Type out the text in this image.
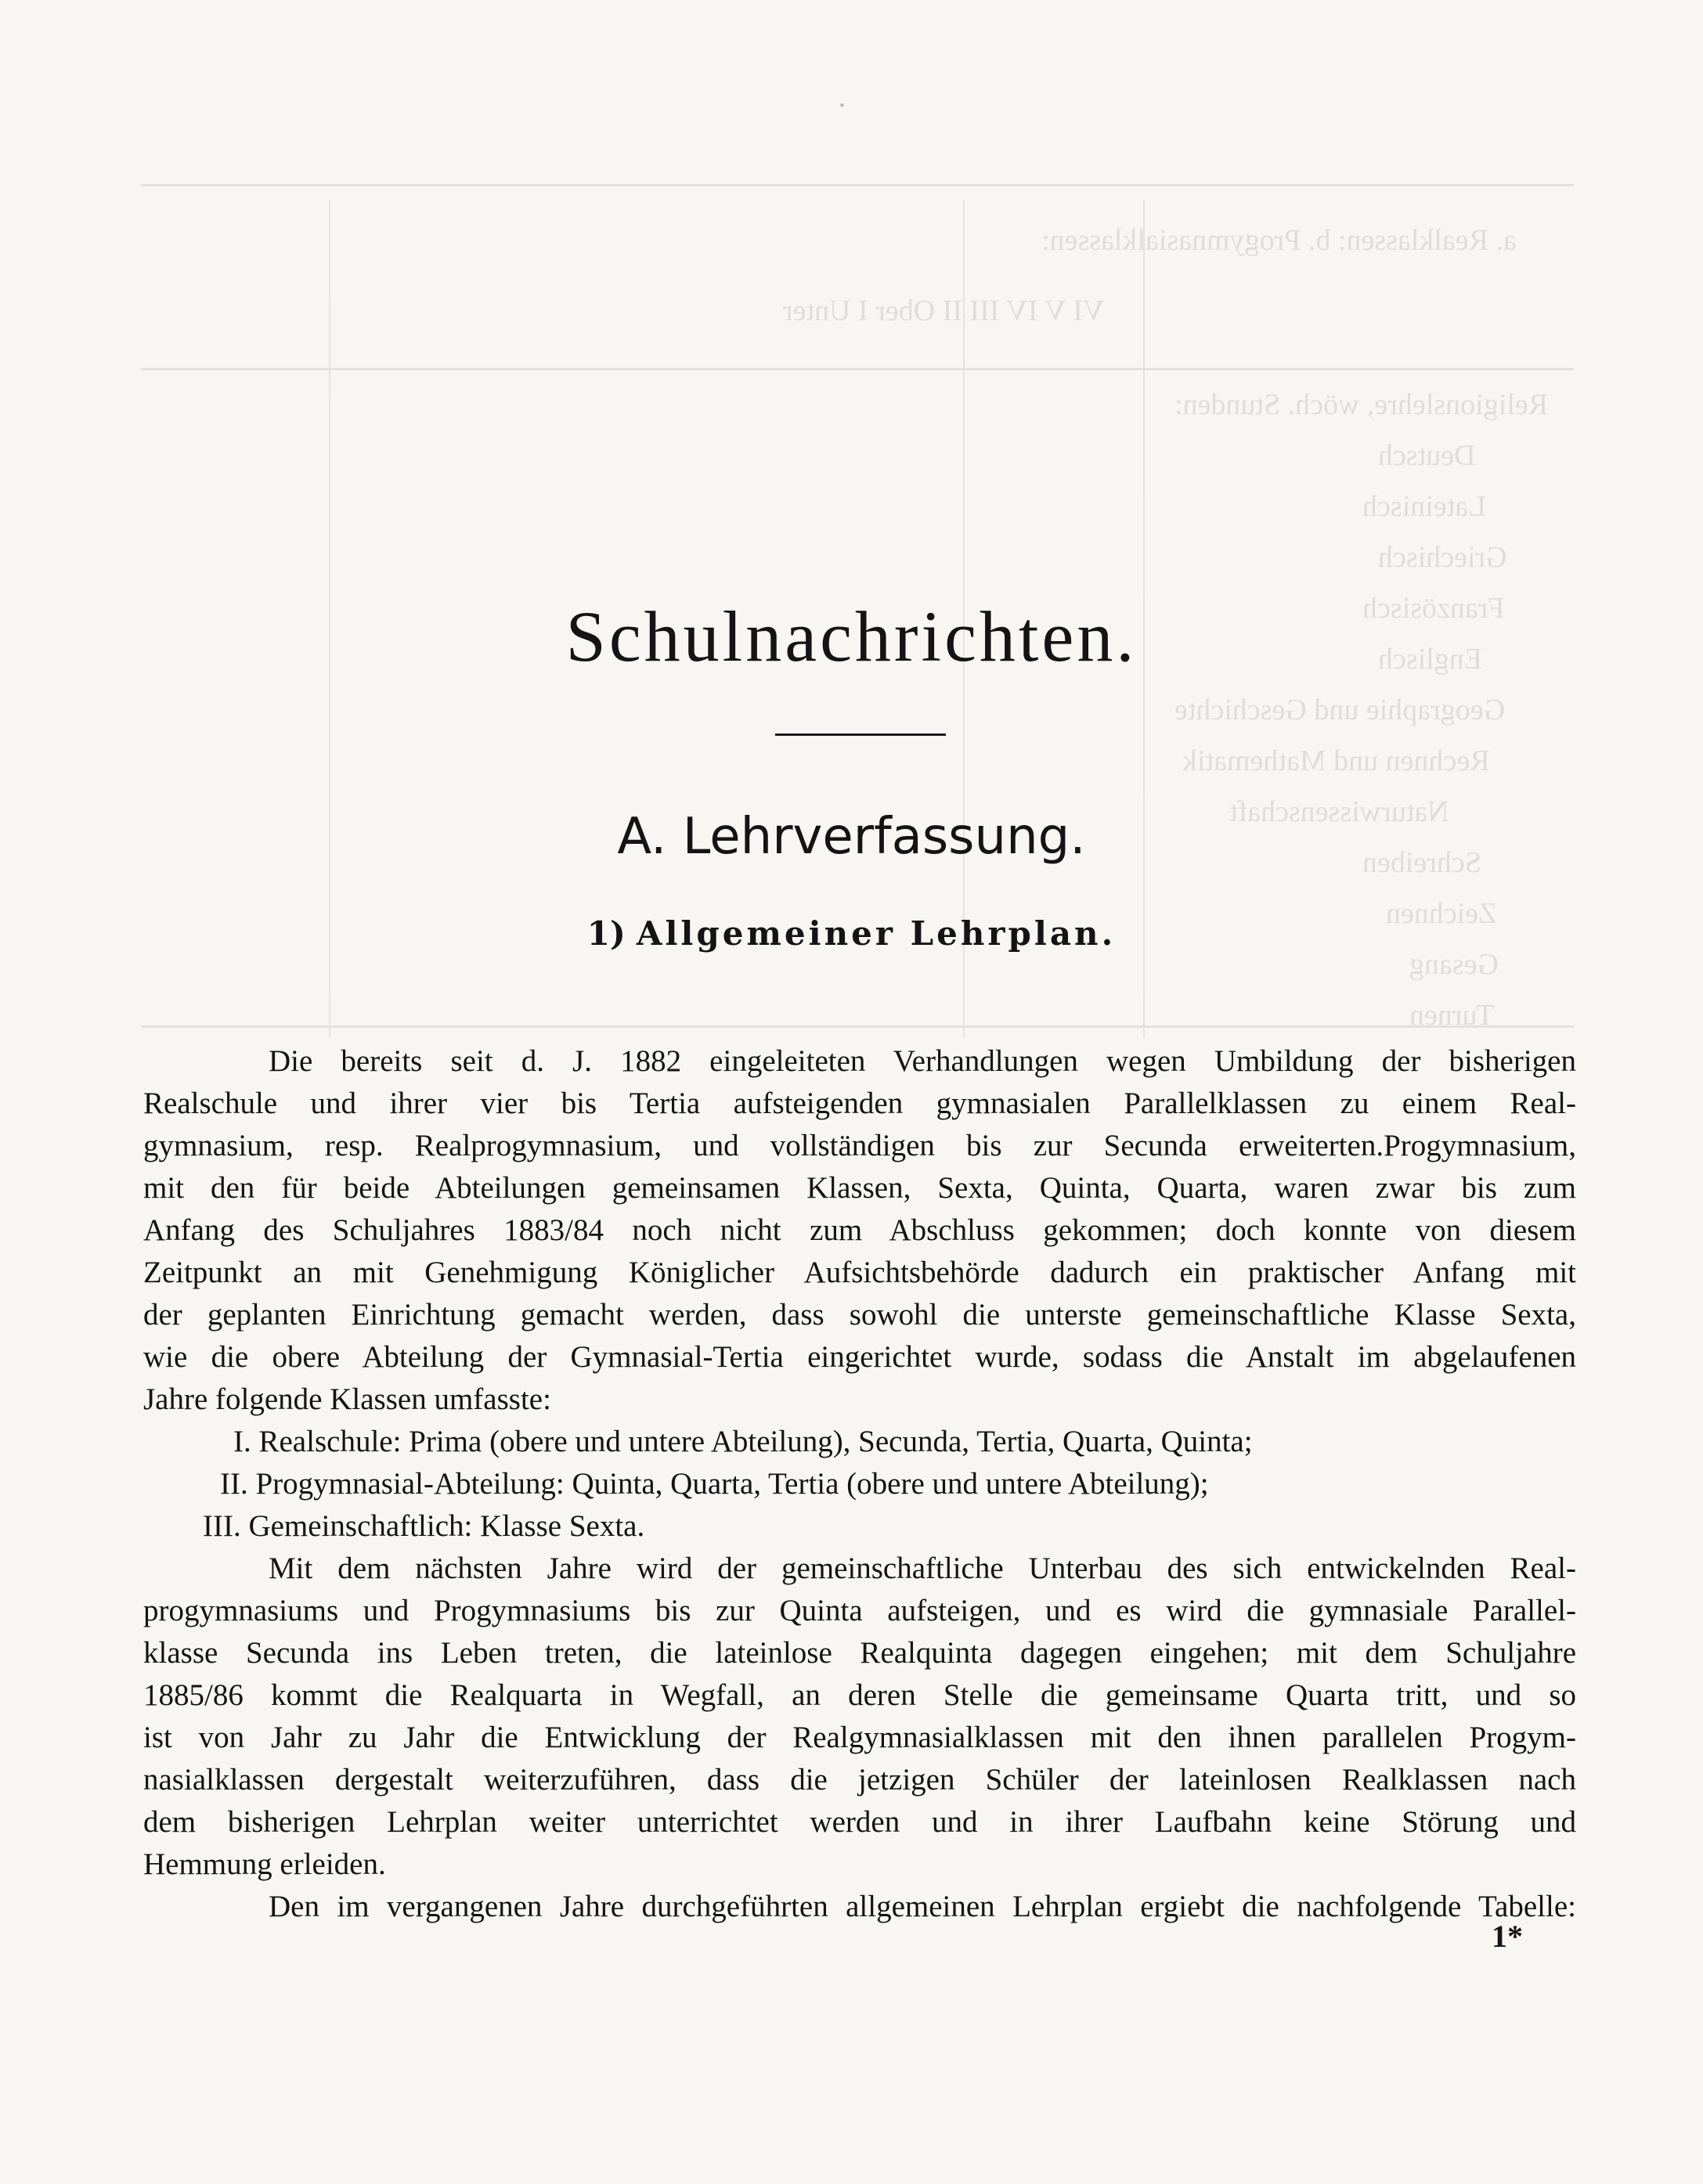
a. Realklassen: b. Progymnasialklassen:
VI V IV III II Ober I Unter
Religionslehre, wöch. Stunden:
Deutsch
Lateinisch
Griechisch
Französisch
Englisch
Geographie und Geschichte
Rechnen und Mathematik
Naturwissenschaft
Schreiben
Zeichnen
Gesang
Turnen
·
Schulnachrichten.
A. Lehrverfassung.
1) Allgemeiner Lehrplan.
Die bereits seit d. J. 1882 eingeleiteten Verhandlungen wegen Umbildung der bisherigen
Realschule und ihrer vier bis Tertia aufsteigenden gymnasialen Parallelklassen zu einem Real-
gymnasium, resp. Realprogymnasium, und vollständigen bis zur Secunda erweiterten.Progymnasium,
mit den für beide Abteilungen gemeinsamen Klassen, Sexta, Quinta, Quarta, waren zwar bis zum
Anfang des Schuljahres 1883/84 noch nicht zum Abschluss gekommen; doch konnte von diesem
Zeitpunkt an mit Genehmigung Königlicher Aufsichtsbehörde dadurch ein praktischer Anfang mit
der geplanten Einrichtung gemacht werden, dass sowohl die unterste gemeinschaftliche Klasse Sexta,
wie die obere Abteilung der Gymnasial-Tertia eingerichtet wurde, sodass die Anstalt im abgelaufenen
Jahre folgende Klassen umfasste:
I. Realschule: Prima (obere und untere Abteilung), Secunda, Tertia, Quarta, Quinta;
II. Progymnasial-Abteilung: Quinta, Quarta, Tertia (obere und untere Abteilung);
III. Gemeinschaftlich: Klasse Sexta.
Mit dem nächsten Jahre wird der gemeinschaftliche Unterbau des sich entwickelnden Real-
progymnasiums und Progymnasiums bis zur Quinta aufsteigen, und es wird die gymnasiale Parallel-
klasse Secunda ins Leben treten, die lateinlose Realquinta dagegen eingehen; mit dem Schuljahre
1885/86 kommt die Realquarta in Wegfall, an deren Stelle die gemeinsame Quarta tritt, und so
ist von Jahr zu Jahr die Entwicklung der Realgymnasialklassen mit den ihnen parallelen Progym-
nasialklassen dergestalt weiterzuführen, dass die jetzigen Schüler der lateinlosen Realklassen nach
dem bisherigen Lehrplan weiter unterrichtet werden und in ihrer Laufbahn keine Störung und
Hemmung erleiden.
Den im vergangenen Jahre durchgeführten allgemeinen Lehrplan ergiebt die nachfolgende Tabelle:
1*
